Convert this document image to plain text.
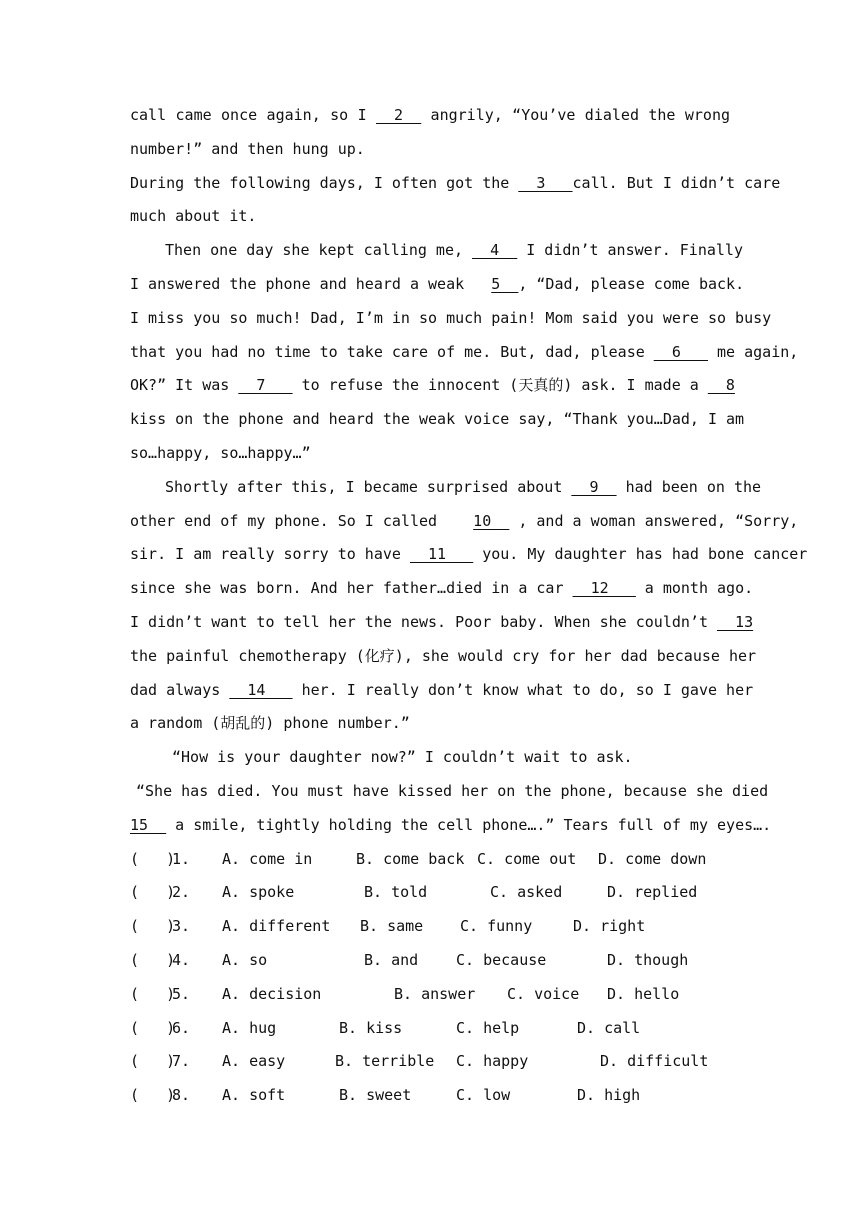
call came once again, so I __2__ angrily, “You’ve dialed the wrong
number!” and then hung up.
During the following days, I often got the __3___call. But I didn’t care
much about it.
Then one day she kept calling me, __4__ I didn’t answer. Finally
I answered the phone and heard a weak   5__, “Dad, please come back.
I miss you so much! Dad, I’m in so much pain! Mom said you were so busy
that you had no time to take care of me. But, dad, please __6___ me again,
OK?” It was __7___ to refuse the innocent (天真的) ask. I made a __8
kiss on the phone and heard the weak voice say, “Thank you…Dad, I am
so…happy, so…happy…”
Shortly after this, I became surprised about __9__ had been on the
other end of my phone. So I called    10__ , and a woman answered, “Sorry,
sir. I am really sorry to have __11___ you. My daughter has had bone cancer
since she was born. And her father…died in a car __12___ a month ago.
I didn’t want to tell her the news. Poor baby. When she couldn’t __13
the painful chemotherapy (化疗), she would cry for her dad because her
dad always __14___ her. I really don’t know what to do, so I gave her
a random (胡乱的) phone number.”
“How is your daughter now?” I couldn’t wait to ask.
“She has died. You must have kissed her on the phone, because she died
15__ a smile, tightly holding the cell phone….” Tears full of my eyes….
(   )
1.	A. come in	B. come back C. come out	D. come down
(   )
2.	A. spoke	B. told	C. asked	D. replied
(   )
3.	A. different	B. same	C. funny	D. right
(   )
4.	A. so	B. and	C. because	D. though
(   )
5.	A. decision	B. answer	C. voice	D. hello
(   )
6.	A. hug	B. kiss	C. help	D. call
(   )
7.	A. easy	B. terrible	C. happy	D. difficult
(   )
8.	A. soft	B. sweet	C. low	D. high
